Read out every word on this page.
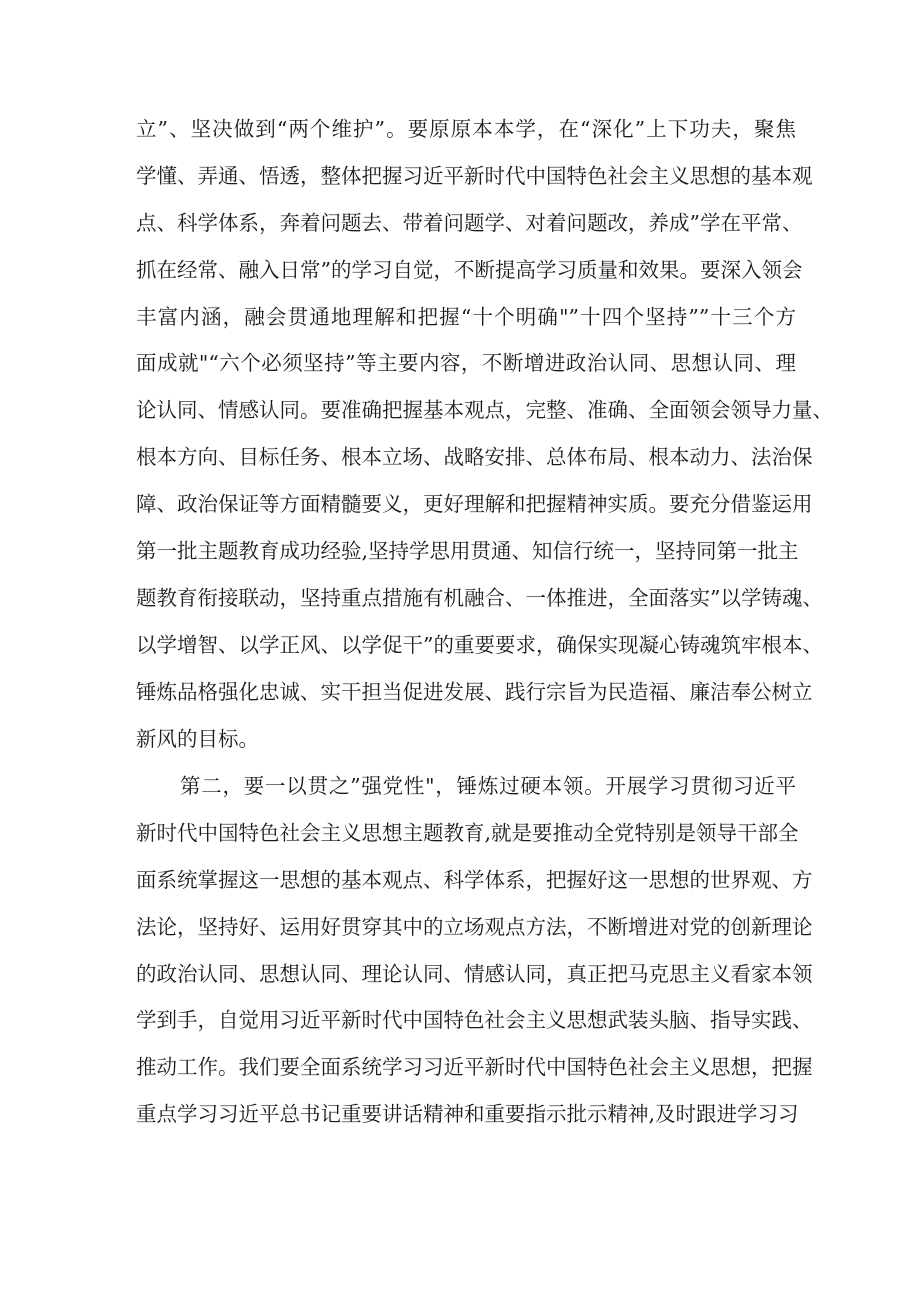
立”、坚决做到“两个维护”。要原原本本学，在“深化”上下功夫，聚焦
学懂、弄通、悟透，整体把握习近平新时代中国特色社会主义思想的基本观
点、科学体系，奔着问题去、带着问题学、对着问题改，养成”学在平常、
抓在经常、融入日常”的学习自觉，不断提高学习质量和效果。要深入领会
丰富内涵，融会贯通地理解和把握“十个明确"”十四个坚持””十三个方
面成就"“六个必须坚持”等主要内容，不断增进政治认同、思想认同、理
论认同、情感认同。要准确把握基本观点，完整、准确、全面领会领导力量、
根本方向、目标任务、根本立场、战略安排、总体布局、根本动力、法治保
障、政治保证等方面精髓要义，更好理解和把握精神实质。要充分借鉴运用
第一批主题教育成功经验,坚持学思用贯通、知信行统一，坚持同第一批主
题教育衔接联动，坚持重点措施有机融合、一体推进，全面落实”以学铸魂、
以学增智、以学正风、以学促干”的重要要求，确保实现凝心铸魂筑牢根本、
锤炼品格强化忠诚、实干担当促进发展、践行宗旨为民造福、廉洁奉公树立
新风的目标。
第二，要一以贯之”强党性"，锤炼过硬本领。开展学习贯彻习近平
新时代中国特色社会主义思想主题教育,就是要推动全党特别是领导干部全
面系统掌握这一思想的基本观点、科学体系，把握好这一思想的世界观、方
法论，坚持好、运用好贯穿其中的立场观点方法，不断增进对党的创新理论
的政治认同、思想认同、理论认同、情感认同，真正把马克思主义看家本领
学到手，自觉用习近平新时代中国特色社会主义思想武装头脑、指导实践、
推动工作。我们要全面系统学习习近平新时代中国特色社会主义思想，把握
重点学习习近平总书记重要讲话精神和重要指示批示精神,及时跟进学习习
